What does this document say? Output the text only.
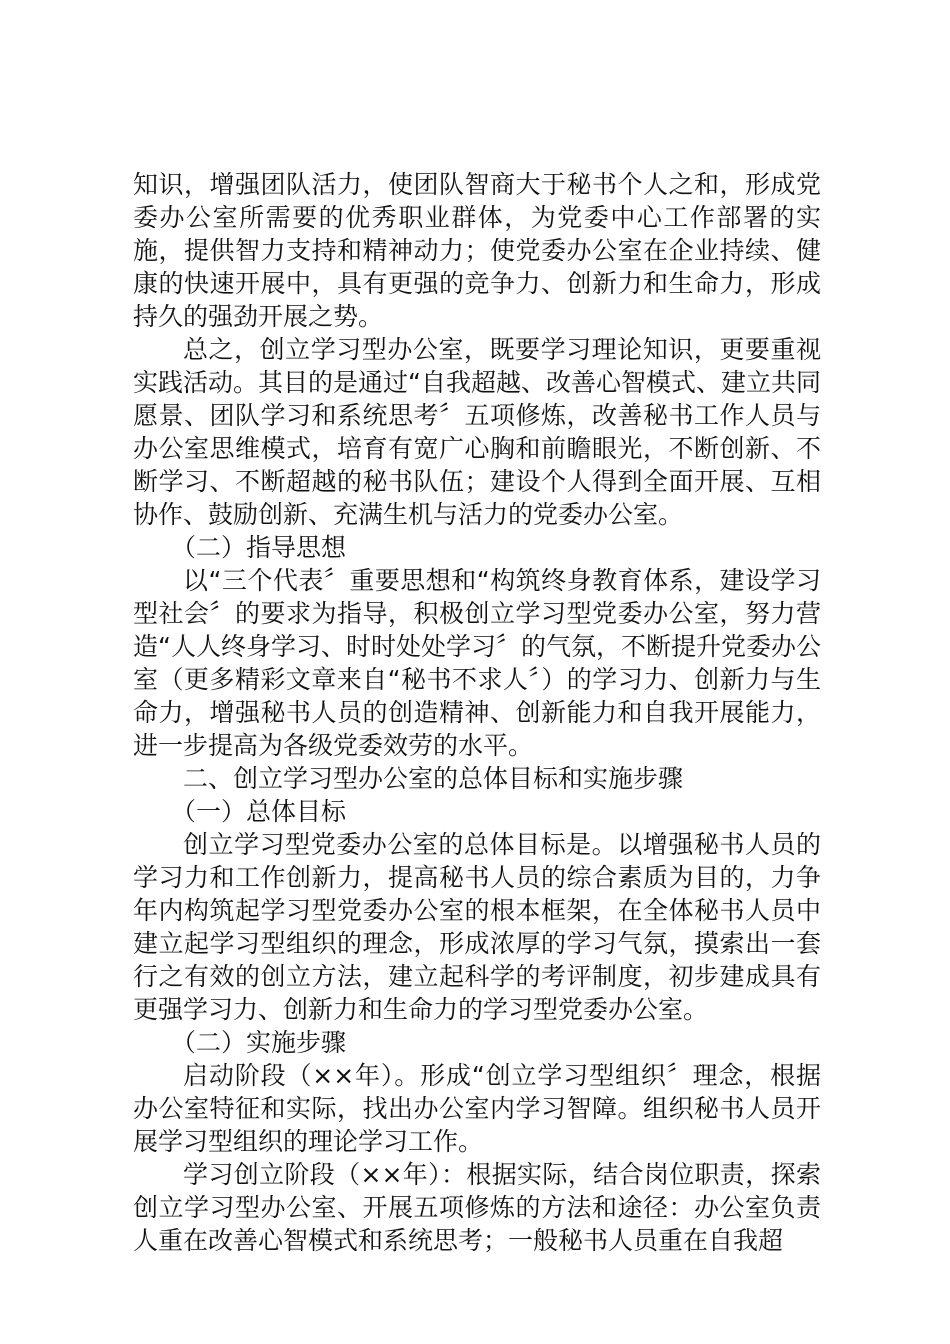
知识，增强团队活力，使团队智商大于秘书个人之和，形成党委办公室所需要的优秀职业群体，为党委中心工作部署的实施，提供智力支持和精神动力；使党委办公室在企业持续、健康的快速开展中，具有更强的竞争力、创新力和生命力，形成持久的强劲开展之势。

总之，创立学习型办公室，既要学习理论知识，更要重视实践活动。其目的是通过“自我超越、改善心智模式、建立共同愿景、团队学习和系统思考〞五项修炼，改善秘书工作人员与办公室思维模式，培育有宽广心胸和前瞻眼光，不断创新、不断学习、不断超越的秘书队伍；建设个人得到全面开展、互相协作、鼓励创新、充满生机与活力的党委办公室。

（二）指导思想

以“三个代表〞重要思想和“构筑终身教育体系，建设学习型社会〞的要求为指导，积极创立学习型党委办公室，努力营造“人人终身学习、时时处处学习〞的气氛，不断提升党委办公室（更多精彩文章来自“秘书不求人〞）的学习力、创新力与生命力，增强秘书人员的创造精神、创新能力和自我开展能力，进一步提高为各级党委效劳的水平。

二、创立学习型办公室的总体目标和实施步骤

（一）总体目标

创立学习型党委办公室的总体目标是。以增强秘书人员的学习力和工作创新力，提高秘书人员的综合素质为目的，力争年内构筑起学习型党委办公室的根本框架，在全体秘书人员中建立起学习型组织的理念，形成浓厚的学习气氛，摸索出一套行之有效的创立方法，建立起科学的考评制度，初步建成具有更强学习力、创新力和生命力的学习型党委办公室。

（二）实施步骤

启动阶段（××年）。形成“创立学习型组织〞理念，根据办公室特征和实际，找出办公室内学习智障。组织秘书人员开展学习型组织的理论学习工作。

学习创立阶段（××年）：根据实际，结合岗位职责，探索创立学习型办公室、开展五项修炼的方法和途径：办公室负责人重在改善心智模式和系统思考；一般秘书人员重在自我超
